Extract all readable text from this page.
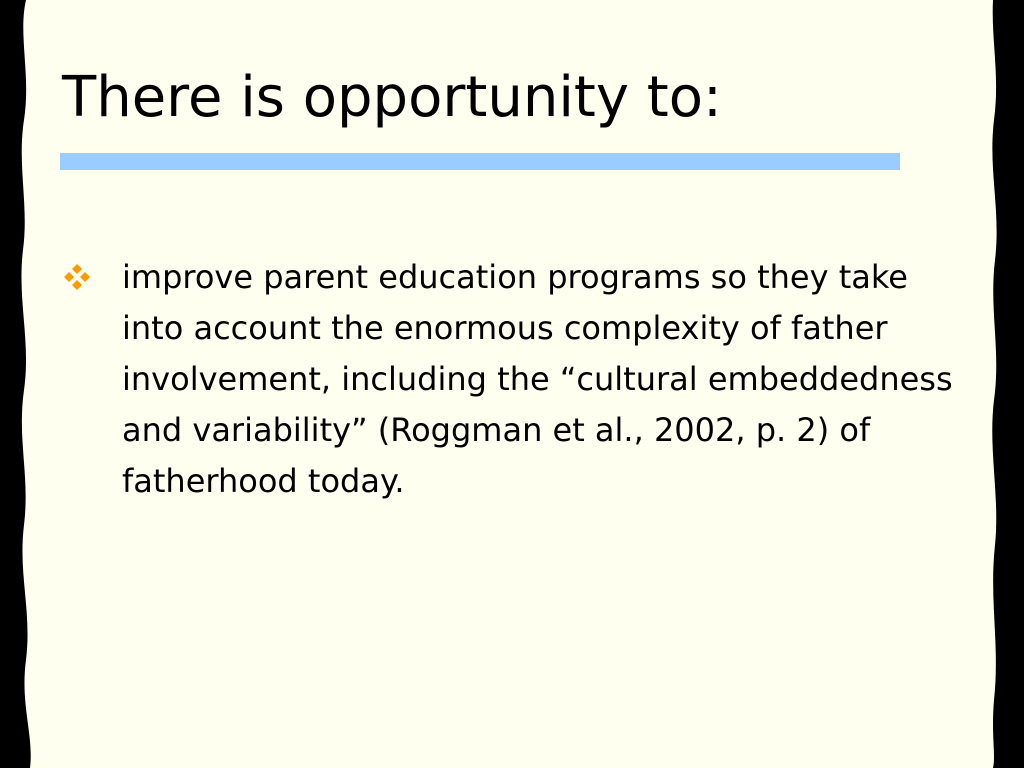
There is opportunity to:
improve parent education programs so they take into account the enormous complexity of father involvement, including the “cultural embeddedness and variability” (Roggman et al., 2002, p. 2) of fatherhood today.
